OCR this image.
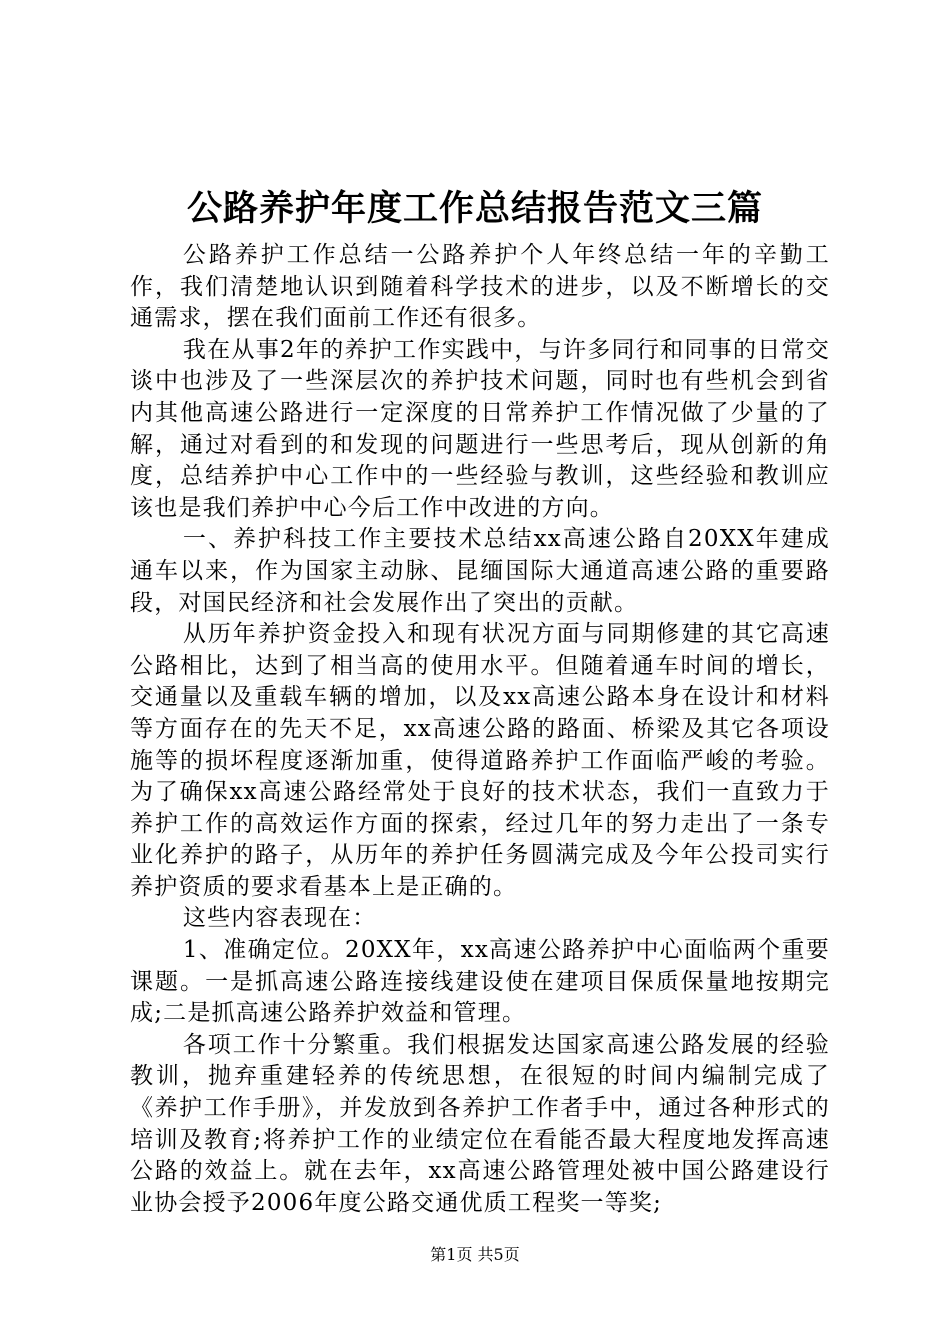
公路养护年度工作总结报告范文三篇

公路养护工作总结一公路养护个人年终总结一年的辛勤工作，我们清楚地认识到随着科学技术的进步，以及不断增长的交通需求，摆在我们面前工作还有很多。

我在从事2年的养护工作实践中，与许多同行和同事的日常交谈中也涉及了一些深层次的养护技术问题，同时也有些机会到省内其他高速公路进行一定深度的日常养护工作情况做了少量的了解，通过对看到的和发现的问题进行一些思考后，现从创新的角度，总结养护中心工作中的一些经验与教训，这些经验和教训应该也是我们养护中心今后工作中改进的方向。

一、养护科技工作主要技术总结xx高速公路自20XX年建成通车以来，作为国家主动脉、昆缅国际大通道高速公路的重要路段，对国民经济和社会发展作出了突出的贡献。

从历年养护资金投入和现有状况方面与同期修建的其它高速公路相比，达到了相当高的使用水平。但随着通车时间的增长，交通量以及重载车辆的增加，以及xx高速公路本身在设计和材料等方面存在的先天不足，xx高速公路的路面、桥梁及其它各项设施等的损坏程度逐渐加重，使得道路养护工作面临严峻的考验。为了确保xx高速公路经常处于良好的技术状态，我们一直致力于养护工作的高效运作方面的探索，经过几年的努力走出了一条专业化养护的路子，从历年的养护任务圆满完成及今年公投司实行养护资质的要求看基本上是正确的。

这些内容表现在：

1、准确定位。20XX年，xx高速公路养护中心面临两个重要课题。一是抓高速公路连接线建设使在建项目保质保量地按期完成;二是抓高速公路养护效益和管理。

各项工作十分繁重。我们根据发达国家高速公路发展的经验教训，抛弃重建轻养的传统思想，在很短的时间内编制完成了《养护工作手册》，并发放到各养护工作者手中，通过各种形式的培训及教育;将养护工作的业绩定位在看能否最大程度地发挥高速公路的效益上。就在去年，xx高速公路管理处被中国公路建设行业协会授予2006年度公路交通优质工程奖一等奖;

第1页 共5页
